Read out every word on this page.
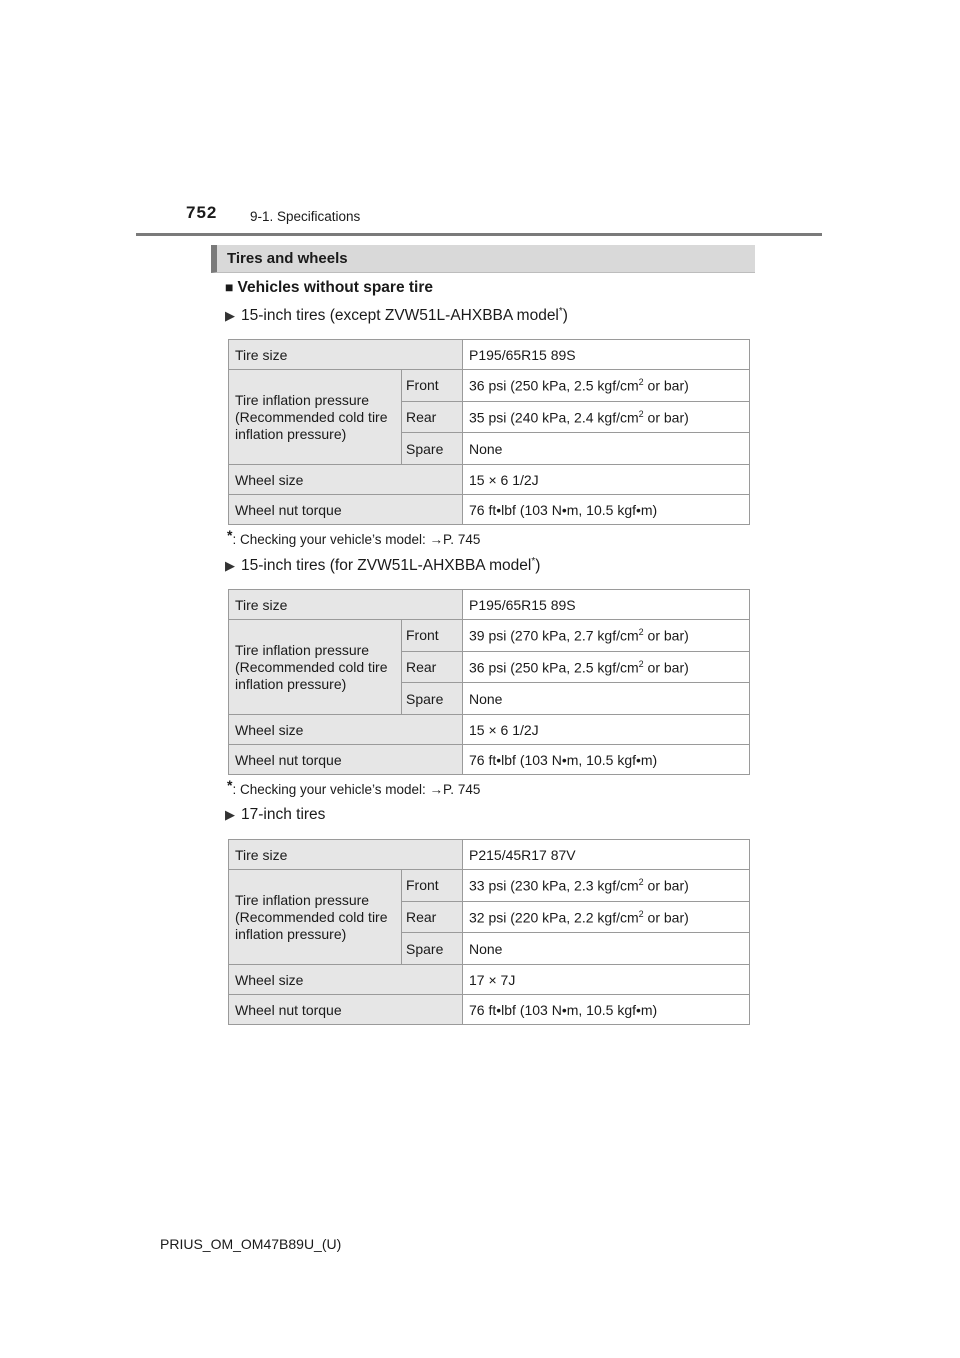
752 9-1. Specifications
Tires and wheels
■ Vehicles without spare tire
▶ 15-inch tires (except ZVW51L-AHXBBA model*)
Tire size		P195/65R15 89S
Tire inflation pressure (Recommended cold tire inflation pressure)	Front	36 psi (250 kPa, 2.5 kgf/$cm^2$ or bar)
	Rear	35 psi (240 kPa, 2.4 kgf/$cm^2$ or bar)
	Spare	None
Wheel size		15 × 6 1/2J
Wheel nut torque		76 ft•lbf (103 N•m, 10.5 kgf•m)
*: Checking your vehicle’s model: →P. 745
▶ 15-inch tires (for ZVW51L-AHXBBA model*)
Tire size		P195/65R15 89S
Tire inflation pressure (Recommended cold tire inflation pressure)	Front	39 psi (270 kPa, 2.7 kgf/$cm^2$ or bar)
	Rear	36 psi (250 kPa, 2.5 kgf/$cm^2$ or bar)
	Spare	None
Wheel size		15 × 6 1/2J
Wheel nut torque		76 ft•lbf (103 N•m, 10.5 kgf•m)
*: Checking your vehicle’s model: →P. 745
▶ 17-inch tires
Tire size		P215/45R17 87V
Tire inflation pressure (Recommended cold tire inflation pressure)	Front	33 psi (230 kPa, 2.3 kgf/$cm^2$ or bar)
	Rear	32 psi (220 kPa, 2.2 kgf/$cm^2$ or bar)
	Spare	None
Wheel size		17 × 7J
Wheel nut torque		76 ft•lbf (103 N•m, 10.5 kgf•m)
PRIUS_OM_OM47B89U_(U)
